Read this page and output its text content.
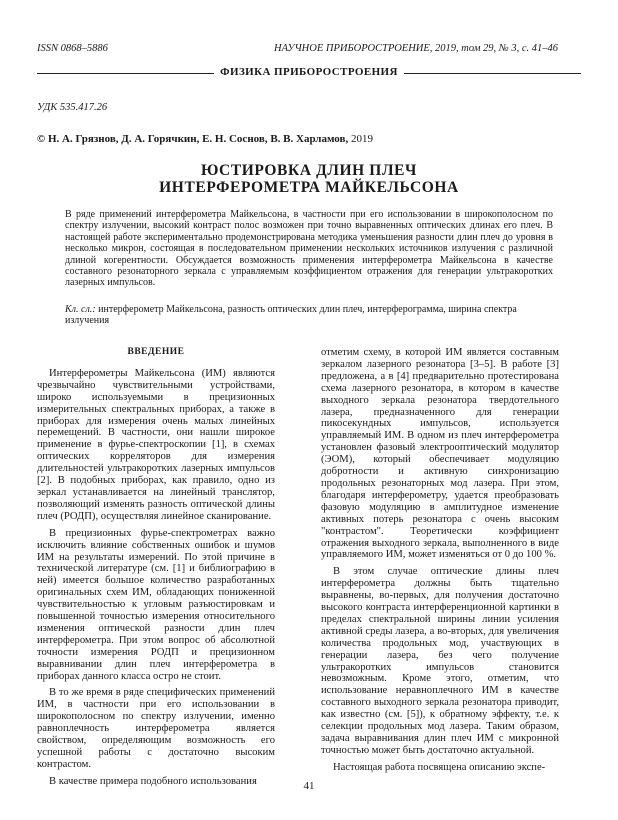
ISSN 0868–5886	НАУЧНОЕ ПРИБОРОСТРОЕНИЕ, 2019, том 29, № 3, с. 41–46
ФИЗИКА ПРИБОРОСТРОЕНИЯ
УДК 535.417.26
© Н. А. Грязнов, Д. А. Горячкин, Е. Н. Соснов, В. В. Харламов, 2019
ЮСТИРОВКА ДЛИН ПЛЕЧ
ИНТЕРФЕРОМЕТРА МАЙКЕЛЬСОНА
В ряде применений интерферометра Майкельсона, в частности при его использовании в широкополосном по спектру излучении, высокий контраст полос возможен при точно выравненных оптических длинах его плеч. В настоящей работе экспериментально продемонстрирована методика уменьшения разности длин плеч до уровня в несколько микрон, состоящая в последовательном применении нескольких источников излучения с различной длиной когерентности. Обсуждается возможность применения интерферометра Майкельсона в качестве составного резонаторного зеркала с управляемым коэффициентом отражения для генерации ультракоротких лазерных импульсов.
Кл. сл.: интерферометр Майкельсона, разность оптических длин плеч, интерферограмма, ширина спектра излучения

ВВЕДЕНИЕ

Интерферометры Майкельсона (ИМ) являются чрезвычайно чувствительными устройствами, широко используемыми в прецизионных измерительных спектральных приборах, а также в приборах для измерения очень малых линейных перемещений. В частности, они нашли широкое применение в фурье-спектроскопии [1], в схемах оптических корреляторов для измерения длительностей ультракоротких лазерных импульсов [2]. В подобных приборах, как правило, одно из зеркал устанавливается на линейный транслятор, позволяющий изменять разность оптической длины плеч (РОДП), осуществляя линейное сканирование.

В прецизионных фурье-спектрометрах важно исключить влияние собственных ошибок и шумов ИМ на результаты измерений. По этой причине в технической литературе (см. [1] и библиографию в ней) имеется большое количество разработанных оригинальных схем ИМ, обладающих пониженной чувствительностью к угловым разъюстировкам и повышенной точностью измерения относительного изменения оптической разности длин плеч интерферометра. При этом вопрос об абсолютной точности измерения РОДП и прецизионном выравнивании длин плеч интерферометра в приборах данного класса остро не стоит.

В то же время в ряде специфических применений ИМ, в частности при его использовании в широкополосном по спектру излучении, именно равноплечность интерферометра является свойством, определяющим возможность его успешной работы с достаточно высоким контрастом.

В качестве примера подобного использования

отметим схему, в которой ИМ является составным зеркалом лазерного резонатора [3–5]. В работе [3] предложена, а в [4] предварительно протестирована схема лазерного резонатора, в котором в качестве выходного зеркала резонатора твердотельного лазера, предназначенного для генерации пикосекундных импульсов, используется управляемый ИМ. В одном из плеч интерферометра установлен фазовый электрооптический модулятор (ЭОМ), который обеспечивает модуляцию добротности и активную синхронизацию продольных резонаторных мод лазера. При этом, благодаря интерферометру, удается преобразовать фазовую модуляцию в амплитудное изменение активных потерь резонатора с очень высоким "контрастом". Теоретически коэффициент отражения выходного зеркала, выполненного в виде управляемого ИМ, может изменяться от 0 до 100 %.

В этом случае оптические длины плеч интерферометра должны быть тщательно выравнены, во-первых, для получения достаточно высокого контраста интерференционной картинки в пределах спектральной ширины линии усиления активной среды лазера, а во-вторых, для увеличения количества продольных мод, участвующих в генерации лазера, без чего получение ультракоротких импульсов становится невозможным. Кроме этого, отметим, что использование неравноплечного ИМ в качестве составного выходного зеркала резонатора приводит, как известно (см. [5]), к обратному эффекту, т.е. к селекции продольных мод лазера. Таким образом, задача выравнивания длин плеч ИМ с микронной точностью может быть достаточно актуальной.

Настоящая работа посвящена описанию экспе-

41
